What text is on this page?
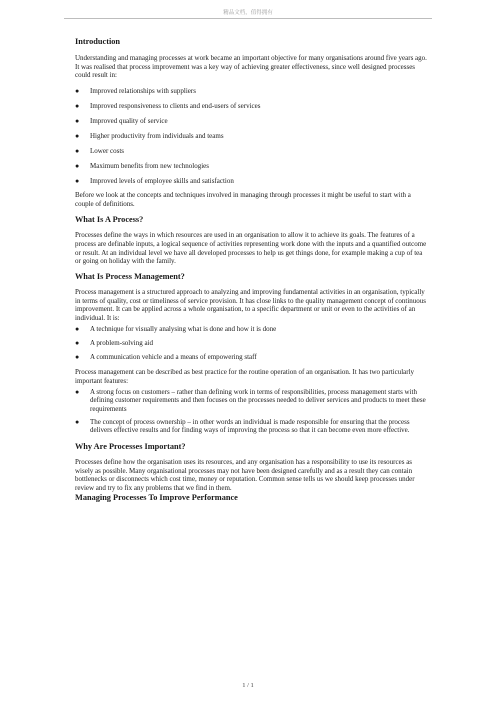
精品文档，值得拥有
Introduction

Understanding and managing processes at work became an important objective for many organisations around five years ago. It was realised that process improvement was a key way of achieving greater effectiveness, since well designed processes could result in:

● Improved relationships with suppliers
● Improved responsiveness to clients and end-users of services
● Improved quality of service
● Higher productivity from individuals and teams
● Lower costs
● Maximum benefits from new technologies
● Improved levels of employee skills and satisfaction

Before we look at the concepts and techniques involved in managing through processes it might be useful to start with a couple of definitions.

What Is A Process?

Processes define the ways in which resources are used in an organisation to allow it to achieve its goals. The features of a process are definable inputs, a logical sequence of activities representing work done with the inputs and a quantified outcome or result. At an individual level we have all developed processes to help us get things done, for example making a cup of tea or going on holiday with the family.

What Is Process Management?

Process management is a structured approach to analyzing and improving fundamental activities in an organisation, typically in terms of quality, cost or timeliness of service provision. It has close links to the quality management concept of continuous improvement. It can be applied across a whole organisation, to a specific department or unit or even to the activities of an individual. It is:

● A technique for visually analysing what is done and how it is done
● A problem-solving aid
● A communication vehicle and a means of empowering staff

Process management can be described as best practice for the routine operation of an organisation. It has two particularly important features:

● A strong focus on customers – rather than defining work in terms of responsibilities, process management starts with defining customer requirements and then focuses on the processes needed to deliver services and products to meet these requirements
● The concept of process ownership – in other words an individual is made responsible for ensuring that the process delivers effective results and for finding ways of improving the process so that it can become even more effective.
Why Are Processes Important?

Processes define how the organisation uses its resources, and any organisation has a responsibility to use its resources as wisely as possible. Many organisational processes may not have been designed carefully and as a result they can contain bottlenecks or disconnects which cost time, money or reputation. Common sense tells us we should keep processes under review and try to fix any problems that we find in them.

Managing Processes To Improve Performance
1 / 1
